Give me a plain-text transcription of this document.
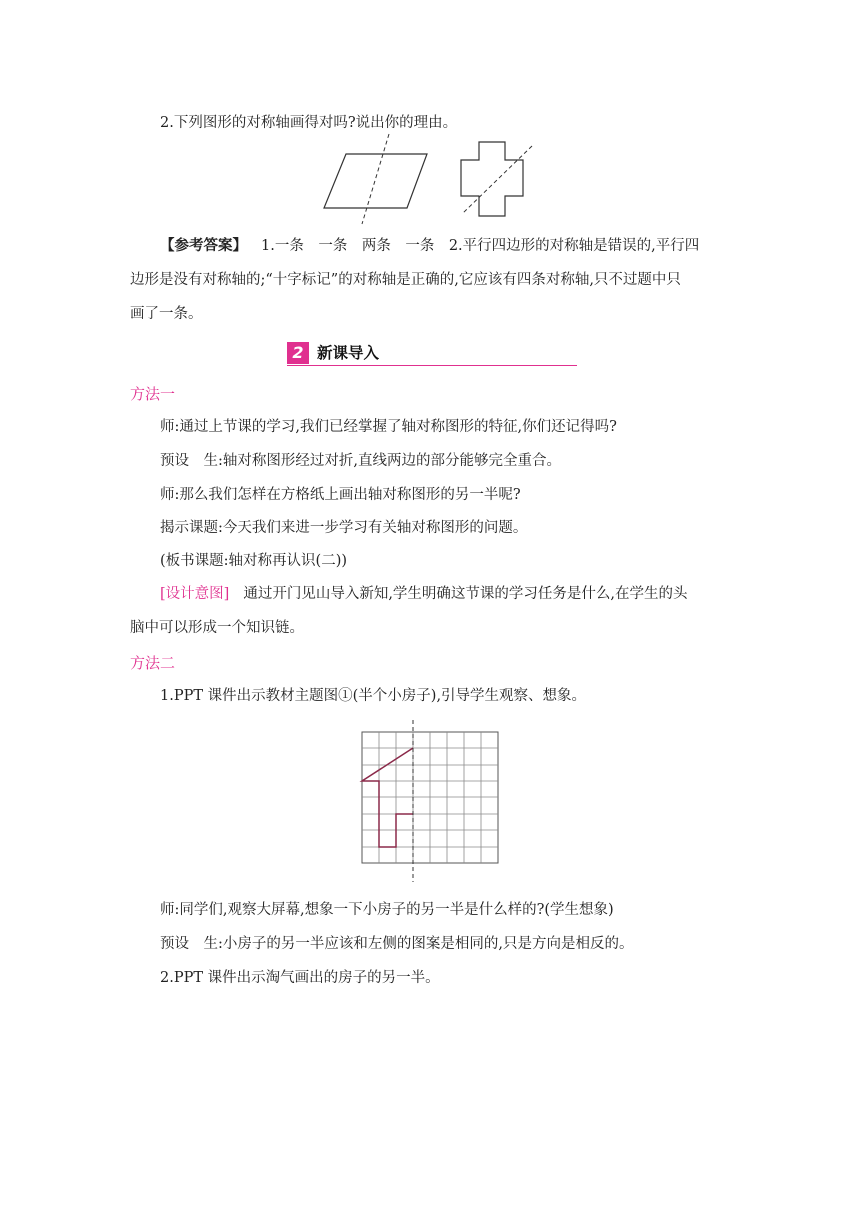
2.下列图形的对称轴画得对吗?说出你的理由。
【参考答案】 1.一条　一条　两条　一条　2.平行四边形的对称轴是错误的,平行四
边形是没有对称轴的;“十字标记”的对称轴是正确的,它应该有四条对称轴,只不过题中只
画了一条。
2 新课导入
方法一
师:通过上节课的学习,我们已经掌握了轴对称图形的特征,你们还记得吗?
预设　生:轴对称图形经过对折,直线两边的部分能够完全重合。
师:那么我们怎样在方格纸上画出轴对称图形的另一半呢?
揭示课题:今天我们来进一步学习有关轴对称图形的问题。
(板书课题:轴对称再认识(二))
[设计意图] 通过开门见山导入新知,学生明确这节课的学习任务是什么,在学生的头
脑中可以形成一个知识链。
方法二
1.PPT 课件出示教材主题图①(半个小房子),引导学生观察、想象。
师:同学们,观察大屏幕,想象一下小房子的另一半是什么样的?(学生想象)
预设　生:小房子的另一半应该和左侧的图案是相同的,只是方向是相反的。
2.PPT 课件出示淘气画出的房子的另一半。
